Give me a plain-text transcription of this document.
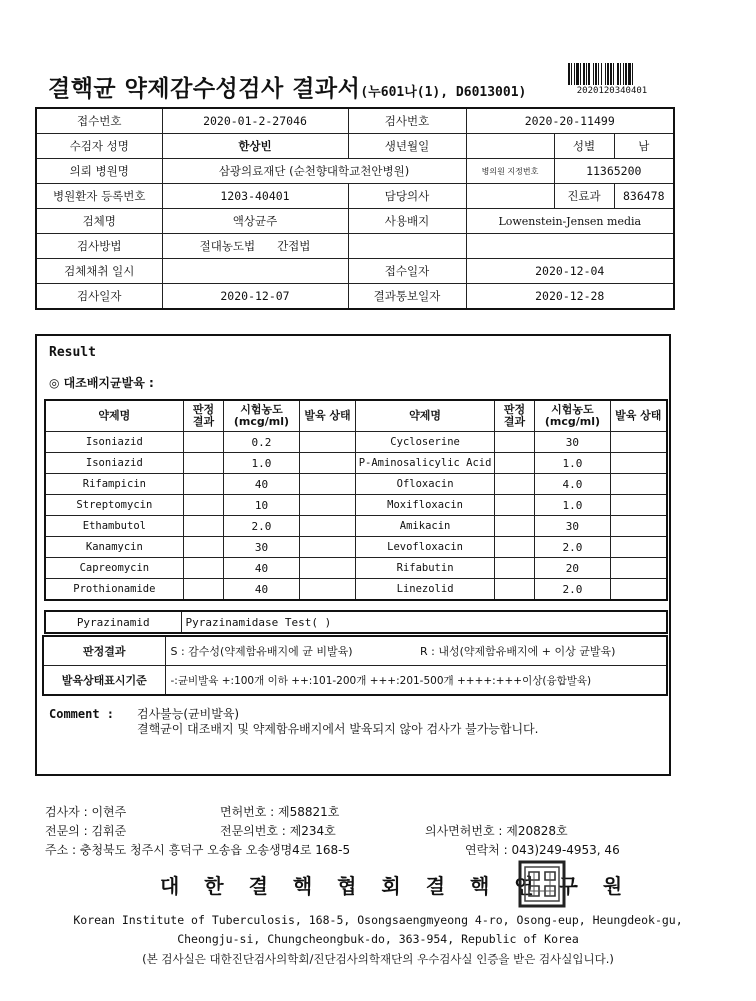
결핵균 약제감수성검사 결과서(누601나(1), D6013001)	2020120340401
접수번호	2020-01-2-27046	검사번호	2020-20-11499		
수검자 성명	한상빈	생년월일		성별	남
의뢰 병원명	삼광의료재단 (순천향대학교천안병원)		병의원 지정번호	11365200	
병원환자 등록번호	1203-40401	담당의사		진료과	836478
검체명	액상균주	사용배지	Lowenstein-Jensen media		
검사방법	절대농도법 간접법				
검체채취 일시		접수일자	2020-12-04		
검사일자	2020-12-07	결과통보일자	2020-12-28		
Result
◎ 대조배지균발육 :
약제명	판정 결과	시험농도 (mcg/ml)	발육 상태	약제명	판정 결과	시험농도 (mcg/ml)	발육 상태
Isoniazid		0.2		Cycloserine		30	
Isoniazid		1.0		P-Aminosalicylic Acid		1.0	
Rifampicin		40		Ofloxacin		4.0	
Streptomycin		10		Moxifloxacin		1.0	
Ethambutol		2.0		Amikacin		30	
Kanamycin		30		Levofloxacin		2.0	
Capreomycin		40		Rifabutin		20	
Prothionamide		40		Linezolid		2.0	
Pyrazinamid	Pyrazinamidase Test( )
판정결과	S : 감수성(약제함유배지에 균 비발육)	R : 내성(약제함유배지에 + 이상 균발육)
발육상태표시기준	-:균비발육 +:100개 이하 ++:101-200개 +++:201-500개 ++++:+++이상(융합발육)	
Comment : 검사불능(균비발육)
결핵균이 대조배지 및 약제함유배지에서 발육되지 않아 검사가 불가능합니다.
검사자 : 이현주	면허번호 : 제58821호
전문의 : 김휘준	전문의번호 : 제234호	의사면허번호 : 제20828호
주소 : 충청북도 청주시 흥덕구 오송읍 오송생명4로 168-5	연락처 : 043)249-4953, 46
대 한 결 핵 협 회 결 핵 연 구 원
Korean Institute of Tuberculosis, 168-5, Osongsaengmyeong 4-ro, Osong-eup, Heungdeok-gu,
Cheongju-si, Chungcheongbuk-do, 363-954, Republic of Korea
(본 검사실은 대한진단검사의학회/진단검사의학재단의 우수검사실 인증을 받은 검사실입니다.)
